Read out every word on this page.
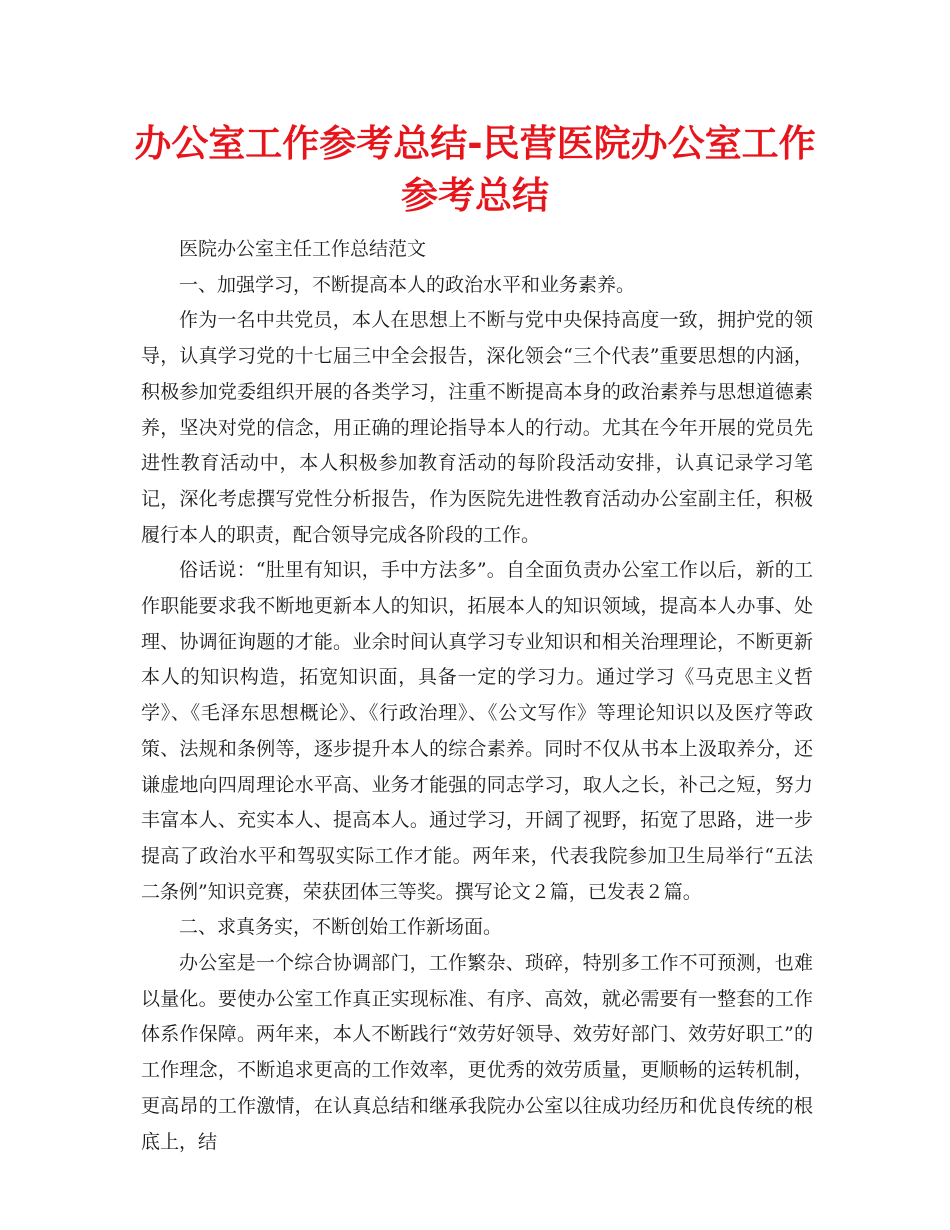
办公室工作参考总结-民营医院办公室工作参考总结

医院办公室主任工作总结范文

一、加强学习，不断提高本人的政治水平和业务素养。

作为一名中共党员，本人在思想上不断与党中央保持高度一致，拥护党的领导，认真学习党的十七届三中全会报告，深化领会“三个代表”重要思想的内涵，积极参加党委组织开展的各类学习，注重不断提高本身的政治素养与思想道德素养，坚决对党的信念，用正确的理论指导本人的行动。尤其在今年开展的党员先进性教育活动中，本人积极参加教育活动的每阶段活动安排，认真记录学习笔记，深化考虑撰写党性分析报告，作为医院先进性教育活动办公室副主任，积极履行本人的职责，配合领导完成各阶段的工作。

俗话说：“肚里有知识，手中方法多”。自全面负责办公室工作以后，新的工作职能要求我不断地更新本人的知识，拓展本人的知识领域，提高本人办事、处理、协调征询题的才能。业余时间认真学习专业知识和相关治理理论，不断更新本人的知识构造，拓宽知识面，具备一定的学习力。通过学习《马克思主义哲学》、《毛泽东思想概论》、《行政治理》、《公文写作》等理论知识以及医疗等政策、法规和条例等，逐步提升本人的综合素养。同时不仅从书本上汲取养分，还谦虚地向四周理论水平高、业务才能强的同志学习，取人之长，补己之短，努力丰富本人、充实本人、提高本人。通过学习，开阔了视野，拓宽了思路，进一步提高了政治水平和驾驭实际工作才能。两年来，代表我院参加卫生局举行“五法二条例”知识竞赛，荣获团体三等奖。撰写论文２篇，已发表２篇。

二、求真务实，不断创始工作新场面。

办公室是一个综合协调部门，工作繁杂、琐碎，特别多工作不可预测，也难以量化。要使办公室工作真正实现标准、有序、高效，就必需要有一整套的工作体系作保障。两年来，本人不断践行“效劳好领导、效劳好部门、效劳好职工”的工作理念，不断追求更高的工作效率，更优秀的效劳质量，更顺畅的运转机制，更高昂的工作激情，在认真总结和继承我院办公室以往成功经历和优良传统的根底上，结
